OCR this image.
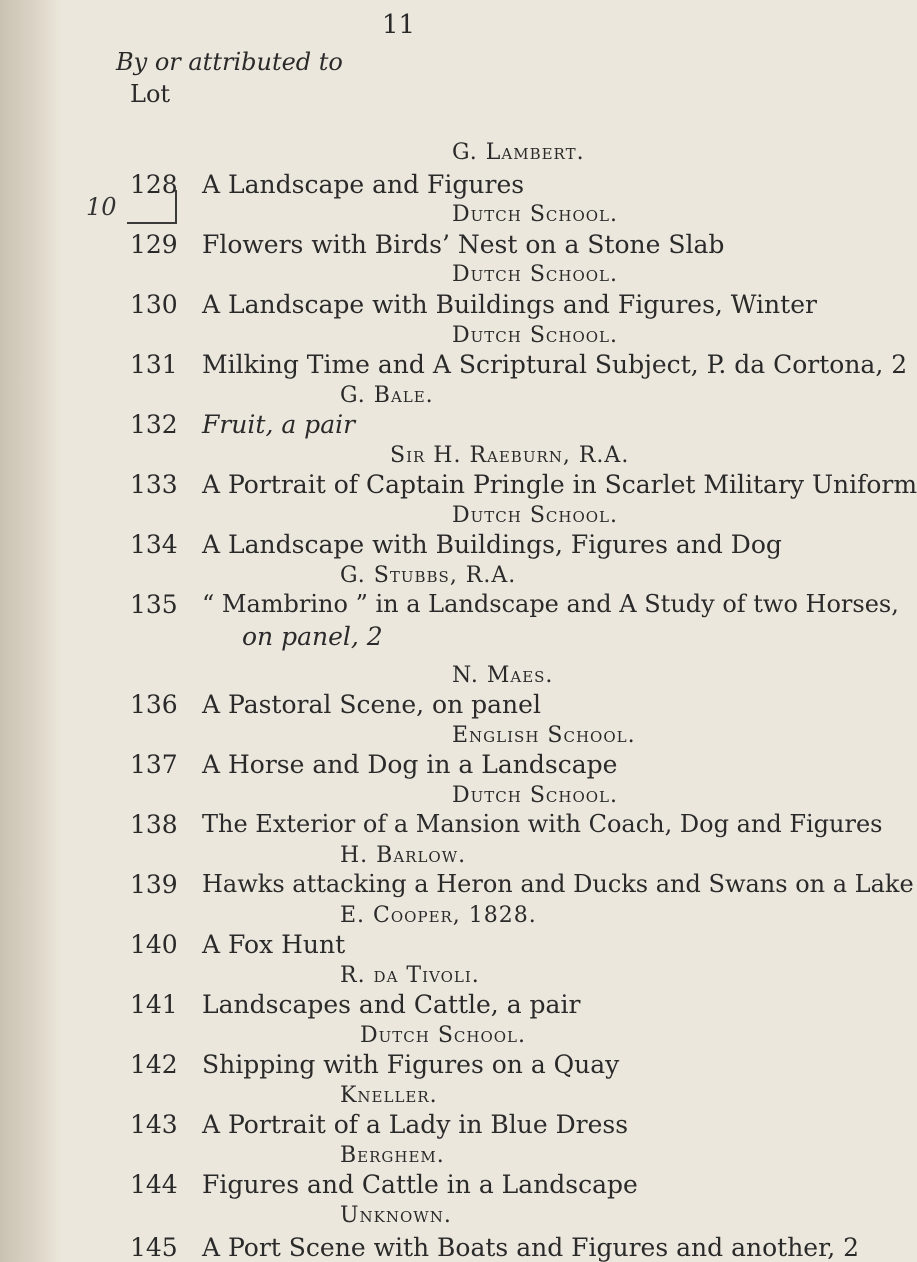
11
By or attributed to
Lot
10
G. Lambert.
128 A Landscape and Figures
Dutch School.
129 Flowers with Birds’ Nest on a Stone Slab
Dutch School.
130 A Landscape with Buildings and Figures, Winter
Dutch School.
131 Milking Time and A Scriptural Subject, P. da Cortona, 2
G. Bale.
132 Fruit, a pair
Sir H. Raeburn, R.A.
133 A Portrait of Captain Pringle in Scarlet Military Uniform
Dutch School.
134 A Landscape with Buildings, Figures and Dog
G. Stubbs, R.A.
135 “ Mambrino ” in a Landscape and A Study of two Horses,
on panel, 2
N. Maes.
136 A Pastoral Scene, on panel
English School.
137 A Horse and Dog in a Landscape
Dutch School.
138 The Exterior of a Mansion with Coach, Dog and Figures
H. Barlow.
139 Hawks attacking a Heron and Ducks and Swans on a Lake
E. Cooper, 1828.
140 A Fox Hunt
R. da Tivoli.
141 Landscapes and Cattle, a pair
Dutch School.
142 Shipping with Figures on a Quay
Kneller.
143 A Portrait of a Lady in Blue Dress
Berghem.
144 Figures and Cattle in a Landscape
Unknown.
145 A Port Scene with Boats and Figures and another, 2
